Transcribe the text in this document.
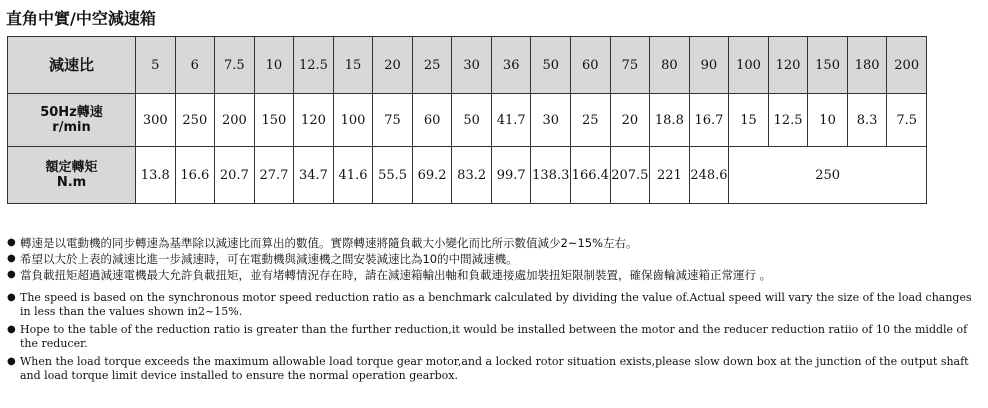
直角中實/中空減速箱
減速比	5	6	7.5	10	12.5	15	20	25	30	36	50	60	75	80	90	100	120	150	180	200

50Hz轉速
r/min	300	250	200	150	120	100	75	60	50	41.7	30	25	20	18.8	16.7	15	12.5	10	8.3	7.5

額定轉矩
N.m	13.8	16.6	20.7	27.7	34.7	41.6	55.5	69.2	83.2	99.7	138.3	166.4	207.5	221	248.6	250				
● 轉速是以電動機的同步轉速為基準除以減速比而算出的數值。實際轉速將隨負載大小變化而比所示數值減少2~15%左右。
● 希望以大於上表的減速比進一步減速時，可在電動機與減速機之間安裝減速比為10的中間減速機。
● 當負載扭矩超過減速電機最大允許負載扭矩，並有堵轉情況存在時，請在減速箱輸出軸和負載連接處加裝扭矩限制裝置，確保齒輪減速箱正常運行 。
● The speed is based on the synchronous motor speed reduction ratio as a benchmark calculated by dividing the value of.Actual speed will vary the size of the load changes in less than the values shown in2~15%.
● Hope to the table of the reduction ratio is greater than the further reduction,it would be installed between the motor and the reducer reduction ratiio of 10 the middle of the reducer.
● When the load torque exceeds the maximum allowable load torque gear motor,and a locked rotor situation exists,please slow down box at the junction of the output shaft and load torque limit device installed to ensure the normal operation gearbox.
